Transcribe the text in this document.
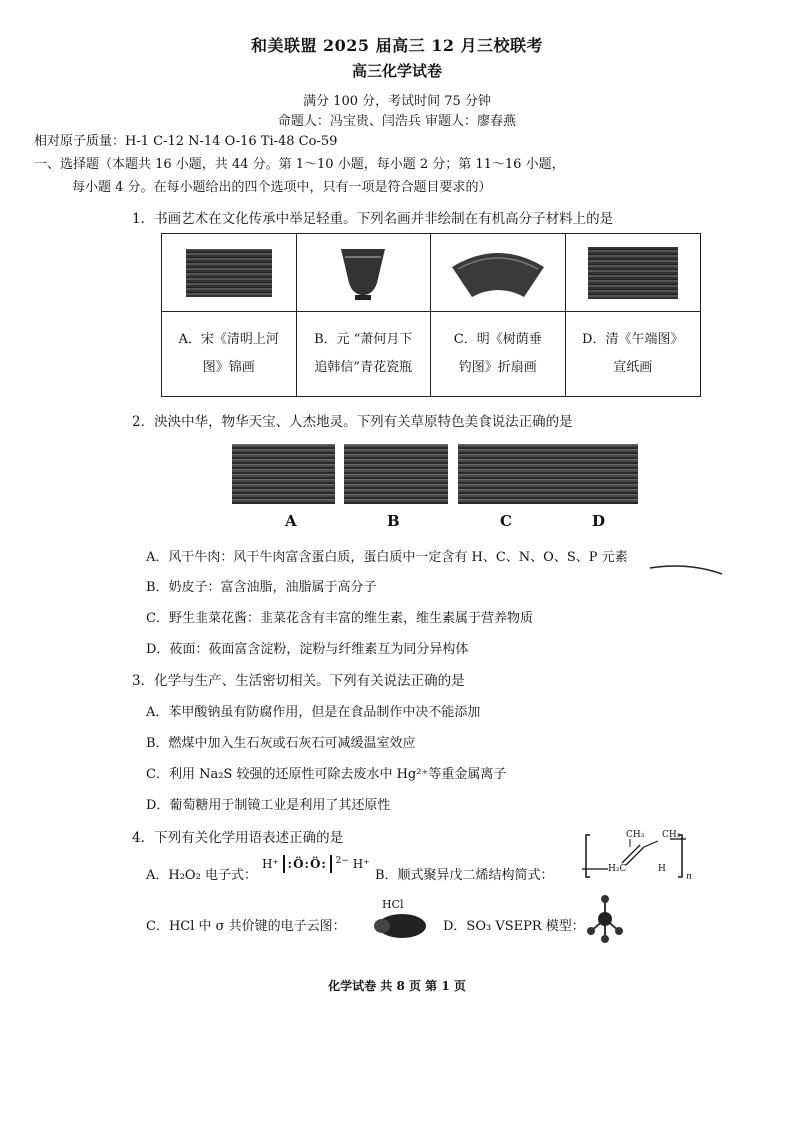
和美联盟 2025 届高三 12 月三校联考
高三化学试卷
满分 100 分，考试时间 75 分钟
命题人：冯宝贵、闫浩兵 审题人：廖春燕
相对原子质量：H-1 C-12 N-14 O-16 Ti-48 Co-59
一、选择题（本题共 16 小题，共 44 分。第 1～10 小题，每小题 2 分；第 11～16 小题，
每小题 4 分。在每小题给出的四个选项中，只有一项是符合题目要求的）
1．书画艺术在文化传承中举足轻重。下列名画并非绘制在有机高分子材料上的是
A．宋《清明上河
图》锦画
B．元 “萧何月下
追韩信”青花瓷瓶
C．明《树荫垂
钓图》折扇画
D．清《午端图》
宣纸画
2．泱泱中华，物华天宝、人杰地灵。下列有关草原特色美食说法正确的是
A	B	C	D
A．风干牛肉：风干牛肉富含蛋白质，蛋白质中一定含有 H、C、N、O、S、P 元素
B．奶皮子：富含油脂，油脂属于高分子
C．野生韭菜花酱：韭菜花含有丰富的维生素，维生素属于营养物质
D．莜面：莜面富含淀粉，淀粉与纤维素互为同分异构体
3．化学与生产、生活密切相关。下列有关说法正确的是
A．苯甲酸钠虽有防腐作用，但是在食品制作中决不能添加
B．燃煤中加入生石灰或石灰石可减缓温室效应
C．利用 Na₂S 较强的还原性可除去废水中 Hg²⁺等重金属离子
D．葡萄糖用于制镜工业是利用了其还原性
4．下列有关化学用语表述正确的是
A．H₂O₂ 电子式：
H⁺ :Ö:Ö: $^{2-}$ H⁺
B．顺式聚异戊二烯结构简式：
CH₃ CH₂
H₂C	H
n
C．HCl 中 σ 共价键的电子云图：
HCl
D．SO₃ VSEPR 模型：
化学试卷 共 8 页 第 1 页
